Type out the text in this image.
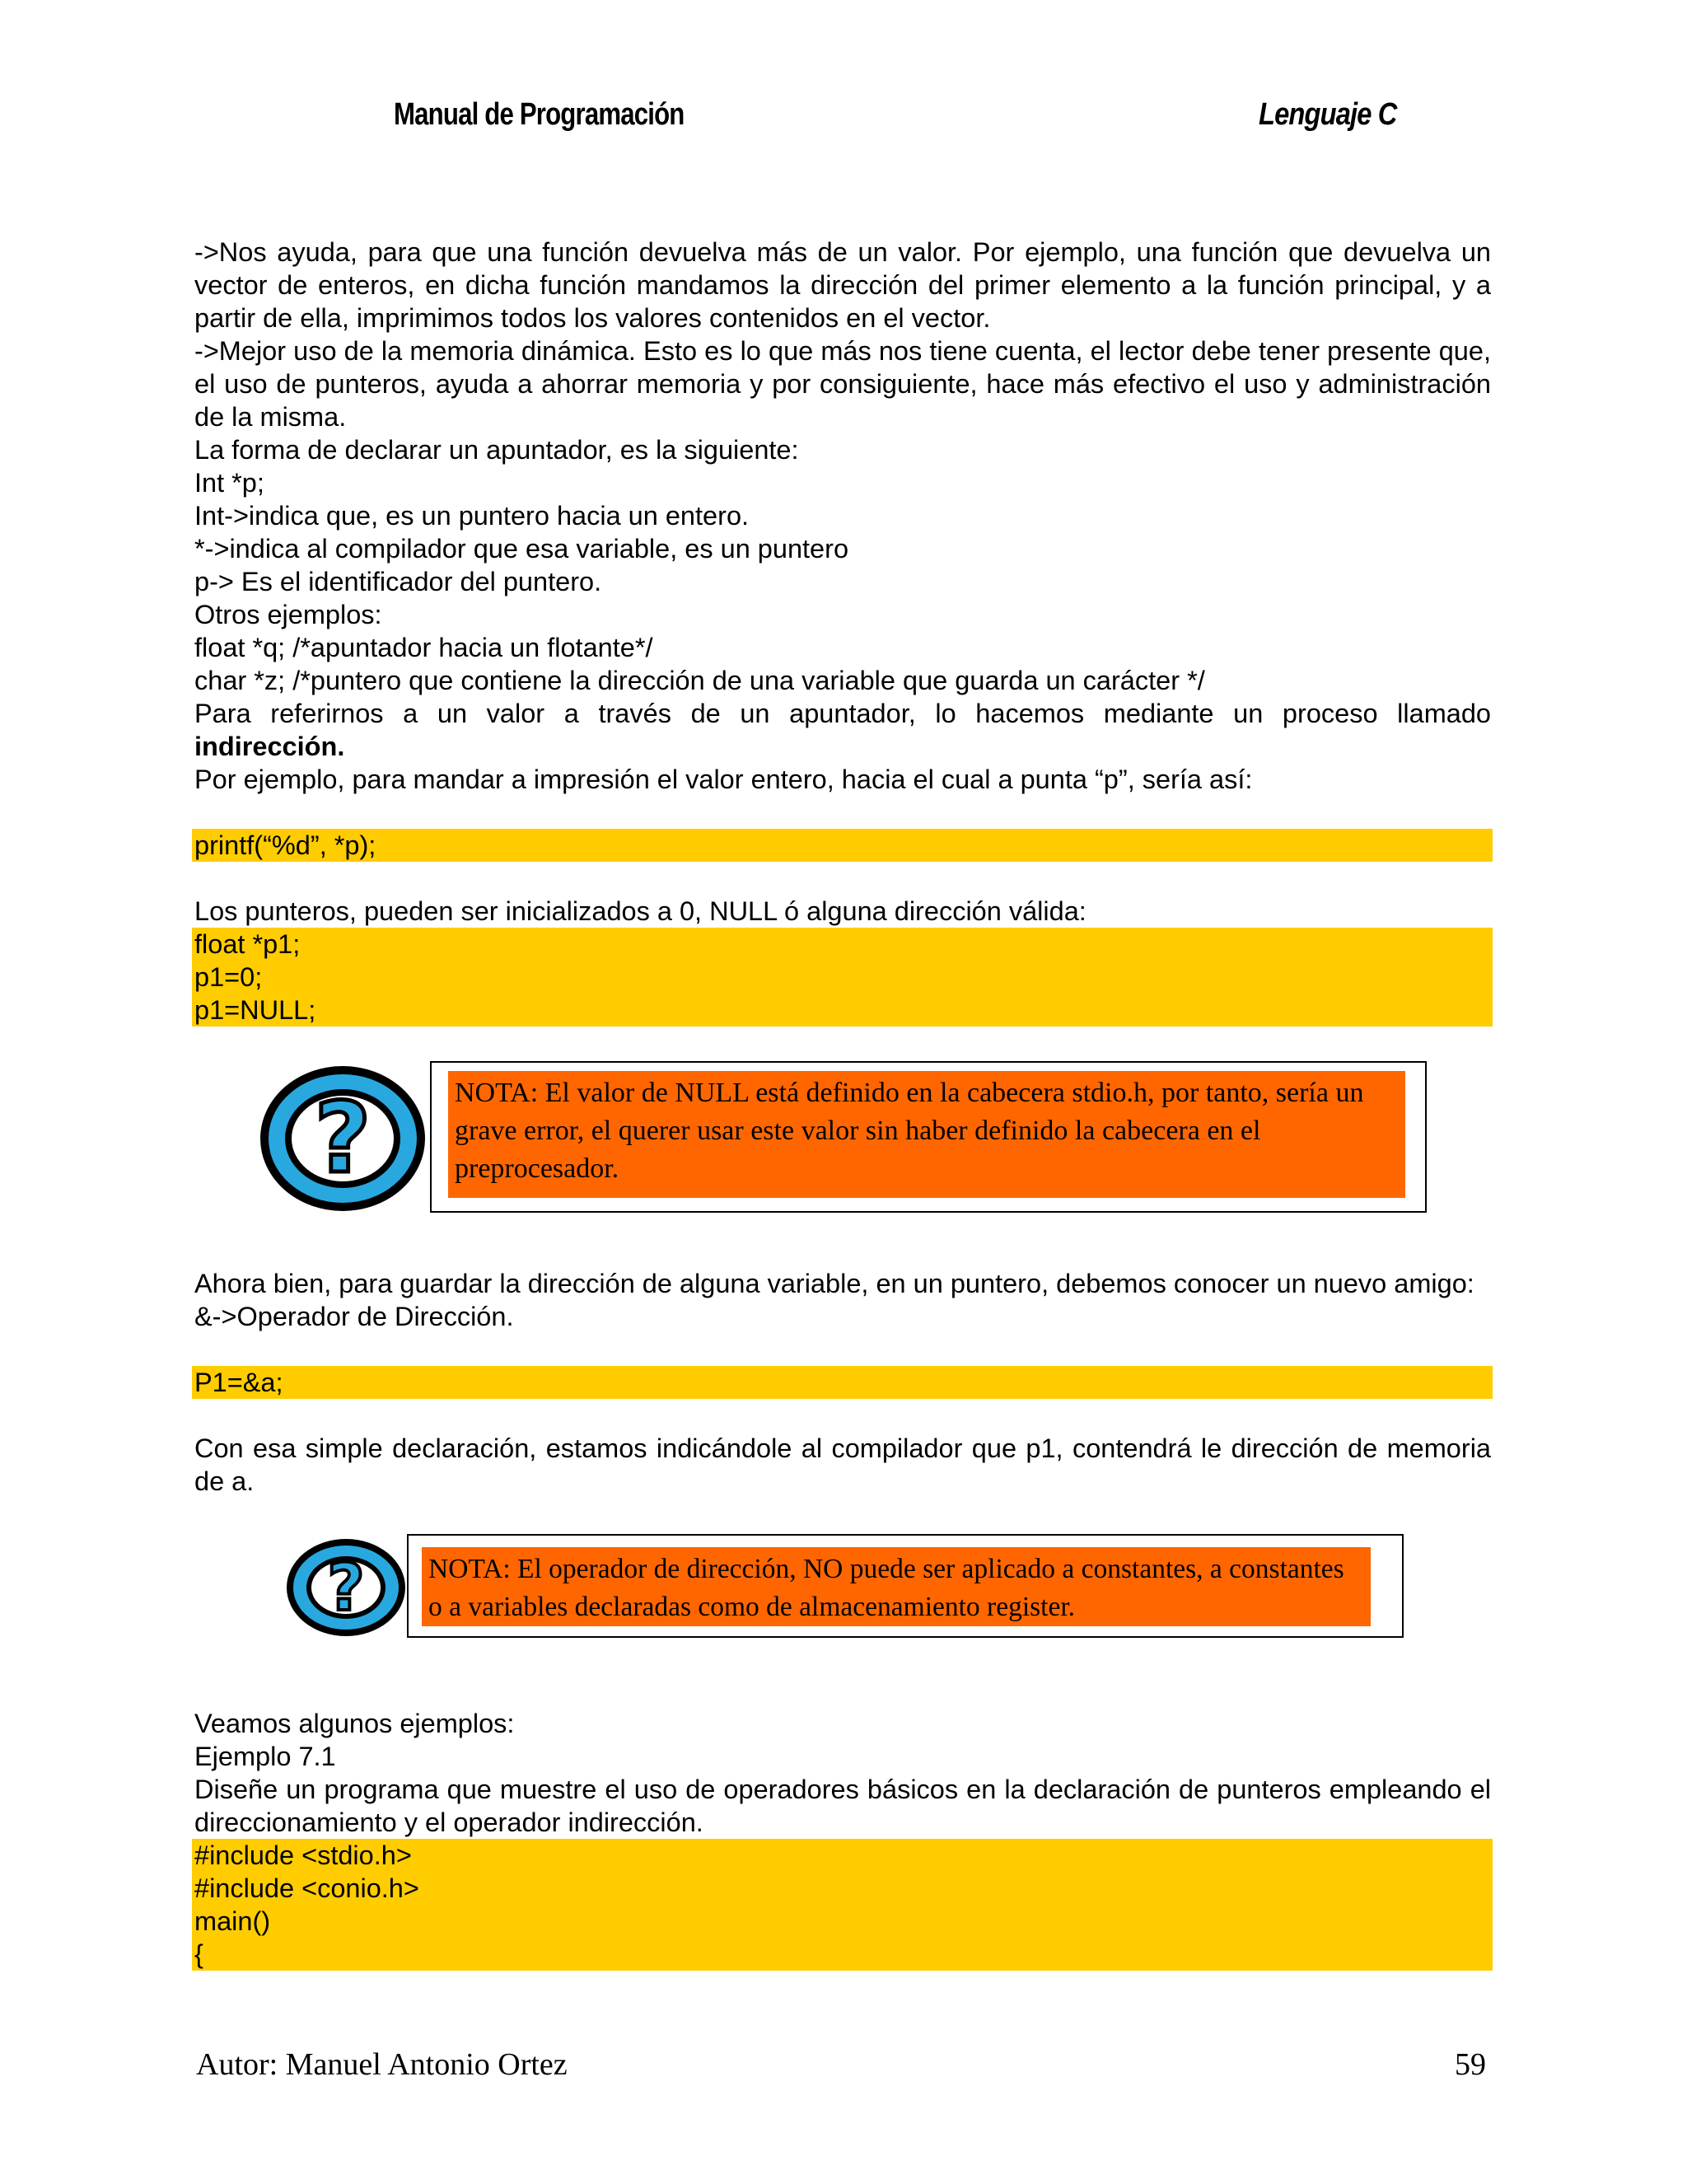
Manual de Programación	Lenguaje C

->Nos ayuda, para que una función devuelva más de un valor. Por ejemplo, una función que devuelva un vector de enteros, en dicha función mandamos la dirección del primer elemento a la función principal, y a partir de ella, imprimimos todos los valores contenidos en el vector.

->Mejor uso de la memoria dinámica. Esto es lo que más nos tiene cuenta, el lector debe tener presente que, el uso de punteros, ayuda a ahorrar memoria y por consiguiente, hace más efectivo el uso y administración de la misma.

La forma de declarar un apuntador, es la siguiente:

Int *p;

Int->indica que, es un puntero hacia un entero.

*->indica al compilador que esa variable, es un puntero

p-> Es el identificador del puntero.

Otros ejemplos:

float *q; /*apuntador hacia un flotante*/

char *z; /*puntero que contiene la dirección de una variable que guarda un carácter */

Para referirnos a un valor a través de un apuntador, lo hacemos mediante un proceso llamado

indirección.

Por ejemplo, para mandar a impresión el valor entero, hacia el cual a punta “p”, sería así:

printf(“%d”, *p);

Los punteros, pueden ser inicializados a 0, NULL ó alguna dirección válida:

float *p1;

p1=0;

p1=NULL;

?	NOTA: El valor de NULL está definido en la cabecera stdio.h, por tanto, sería un grave error, el querer usar este valor sin haber definido la cabecera en el preprocesador.

Ahora bien, para guardar la dirección de alguna variable, en un puntero, debemos conocer un nuevo amigo:

&->Operador de Dirección.

P1=&a;

Con esa simple declaración, estamos indicándole al compilador que p1, contendrá le dirección de memoria de a.

? NOTA: El operador de dirección, NO puede ser aplicado a constantes, a constantes o a variables declaradas como de almacenamiento register.

Veamos algunos ejemplos:

Ejemplo 7.1

Diseñe un programa que muestre el uso de operadores básicos en la declaración de punteros empleando el direccionamiento y el operador indirección.

#include <stdio.h>

#include <conio.h>

main()

{

Autor: Manuel Antonio Ortez	59
